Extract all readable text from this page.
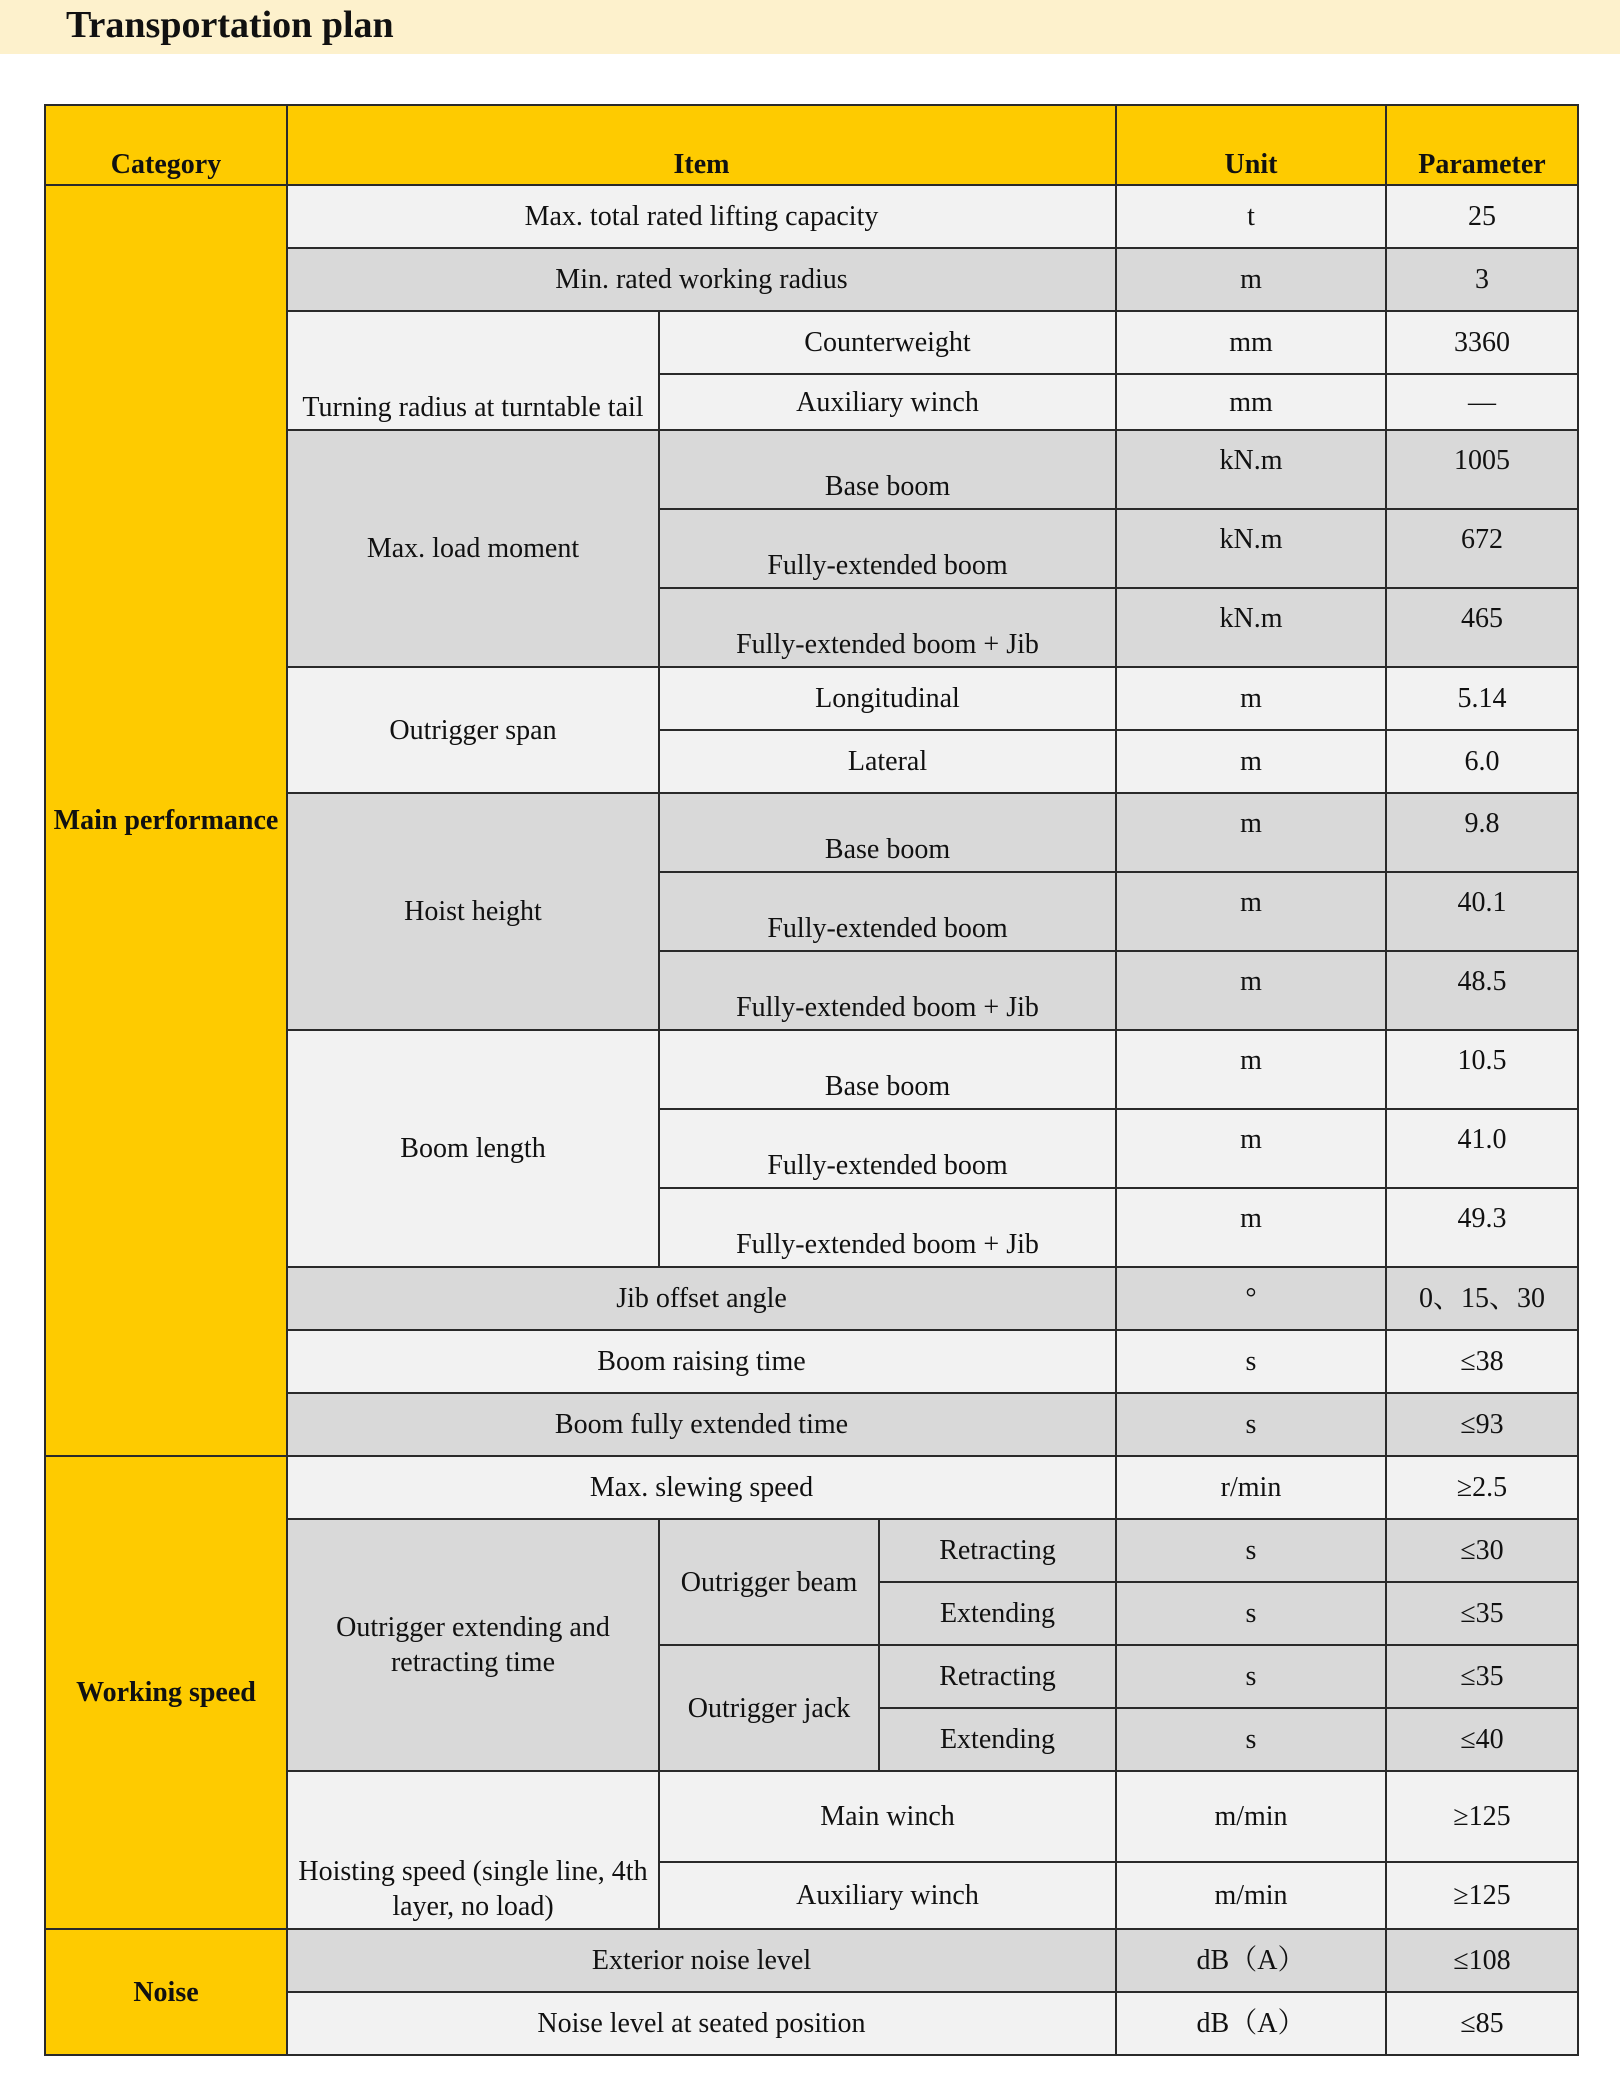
Transportation plan
Category	Item			Unit	Parameter
Main performance	Max. total rated lifting capacity			t	25
	Min. rated working radius			m	3
	Turning radius at turntable tail	Counterweight		mm	3360
		Auxiliary winch		mm	—
	Max. load moment	Base boom		kN.m	1005
		Fully-extended boom		kN.m	672
		Fully-extended boom + Jib		kN.m	465
	Outrigger span	Longitudinal		m	5.14
		Lateral		m	6.0
	Hoist height	Base boom		m	9.8
		Fully-extended boom		m	40.1
		Fully-extended boom + Jib		m	48.5
	Boom length	Base boom		m	10.5
		Fully-extended boom		m	41.0
		Fully-extended boom + Jib		m	49.3
	Jib offset angle			°	0、15、30
	Boom raising time			s	≤38
	Boom fully extended time			s	≤93
Working speed	Max. slewing speed			r/min	≥2.5
	Outrigger extending and retracting time	Outrigger beam	Retracting	s	≤30
			Extending	s	≤35
		Outrigger jack	Retracting	s	≤35
			Extending	s	≤40
	Hoisting speed (single line, 4th layer, no load)	Main winch		m/min	≥125
		Auxiliary winch		m/min	≥125
Noise	Exterior noise level			dB（A）	≤108
	Noise level at seated position			dB（A）	≤85
